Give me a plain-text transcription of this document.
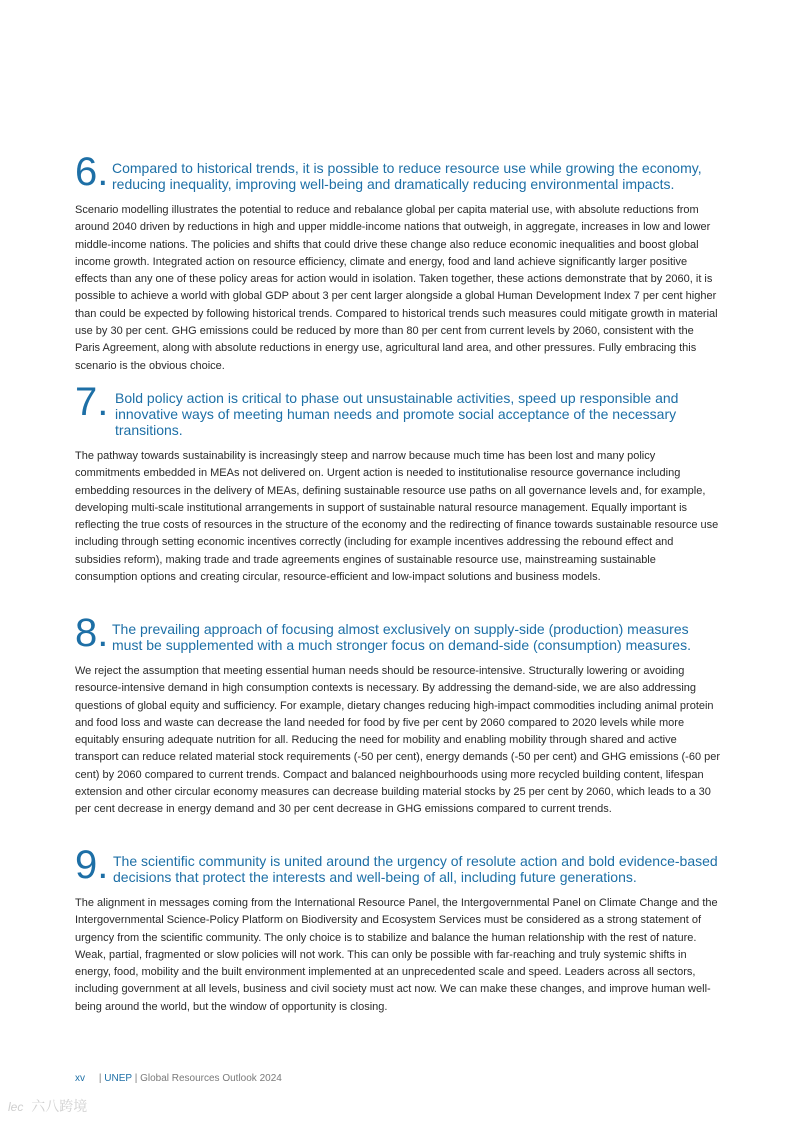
6. Compared to historical trends, it is possible to reduce resource use while growing the economy, reducing inequality, improving well-being and dramatically reducing environmental impacts.

Scenario modelling illustrates the potential to reduce and rebalance global per capita material use, with absolute reductions from around 2040 driven by reductions in high and upper middle-income nations that outweigh, in aggregate, increases in low and lower middle-income nations. The policies and shifts that could drive these change also reduce economic inequalities and boost global income growth. Integrated action on resource efficiency, climate and energy, food and land achieve significantly larger positive effects than any one of these policy areas for action would in isolation. Taken together, these actions demonstrate that by 2060, it is possible to achieve a world with global GDP about 3 per cent larger alongside a global Human Development Index 7 per cent higher than could be expected by following historical trends. Compared to historical trends such measures could mitigate growth in material use by 30 per cent. GHG emissions could be reduced by more than 80 per cent from current levels by 2060, consistent with the Paris Agreement, along with absolute reductions in energy use, agricultural land area, and other pressures. Fully embracing this scenario is the obvious choice.

7. Bold policy action is critical to phase out unsustainable activities, speed up responsible and innovative ways of meeting human needs and promote social acceptance of the necessary transitions.

The pathway towards sustainability is increasingly steep and narrow because much time has been lost and many policy commitments embedded in MEAs not delivered on. Urgent action is needed to institutionalise resource governance including embedding resources in the delivery of MEAs, defining sustainable resource use paths on all governance levels and, for example, developing multi-scale institutional arrangements in support of sustainable natural resource management. Equally important is reflecting the true costs of resources in the structure of the economy and the redirecting of finance towards sustainable resource use including through setting economic incentives correctly (including for example incentives addressing the rebound effect and subsidies reform), making trade and trade agreements engines of sustainable resource use, mainstreaming sustainable consumption options and creating circular, resource-efficient and low-impact solutions and business models.

8. The prevailing approach of focusing almost exclusively on supply-side (production) measures must be supplemented with a much stronger focus on demand-side (consumption) measures.

We reject the assumption that meeting essential human needs should be resource-intensive. Structurally lowering or avoiding resource-intensive demand in high consumption contexts is necessary. By addressing the demand-side, we are also addressing questions of global equity and sufficiency. For example, dietary changes reducing high-impact commodities including animal protein and food loss and waste can decrease the land needed for food by five per cent by 2060 compared to 2020 levels while more equitably ensuring adequate nutrition for all. Reducing the need for mobility and enabling mobility through shared and active transport can reduce related material stock requirements (-50 per cent), energy demands (-50 per cent) and GHG emissions (-60 per cent) by 2060 compared to current trends. Compact and balanced neighbourhoods using more recycled building content, lifespan extension and other circular economy measures can decrease building material stocks by 25 per cent by 2060, which leads to a 30 per cent decrease in energy demand and 30 per cent decrease in GHG emissions compared to current trends.

9. The scientific community is united around the urgency of resolute action and bold evidence-based decisions that protect the interests and well-being of all, including future generations.

The alignment in messages coming from the International Resource Panel, the Intergovernmental Panel on Climate Change and the Intergovernmental Science-Policy Platform on Biodiversity and Ecosystem Services must be considered as a strong statement of urgency from the scientific community. The only choice is to stabilize and balance the human relationship with the rest of nature. Weak, partial, fragmented or slow policies will not work. This can only be possible with far-reaching and truly systemic shifts in energy, food, mobility and the built environment implemented at an unprecedented scale and speed. Leaders across all sectors, including government at all levels, business and civil society must act now. We can make these changes, and improve human well-being around the world, but the window of opportunity is closing.

xv | UNEP | Global Resources Outlook 2024
lec 六八跨境
